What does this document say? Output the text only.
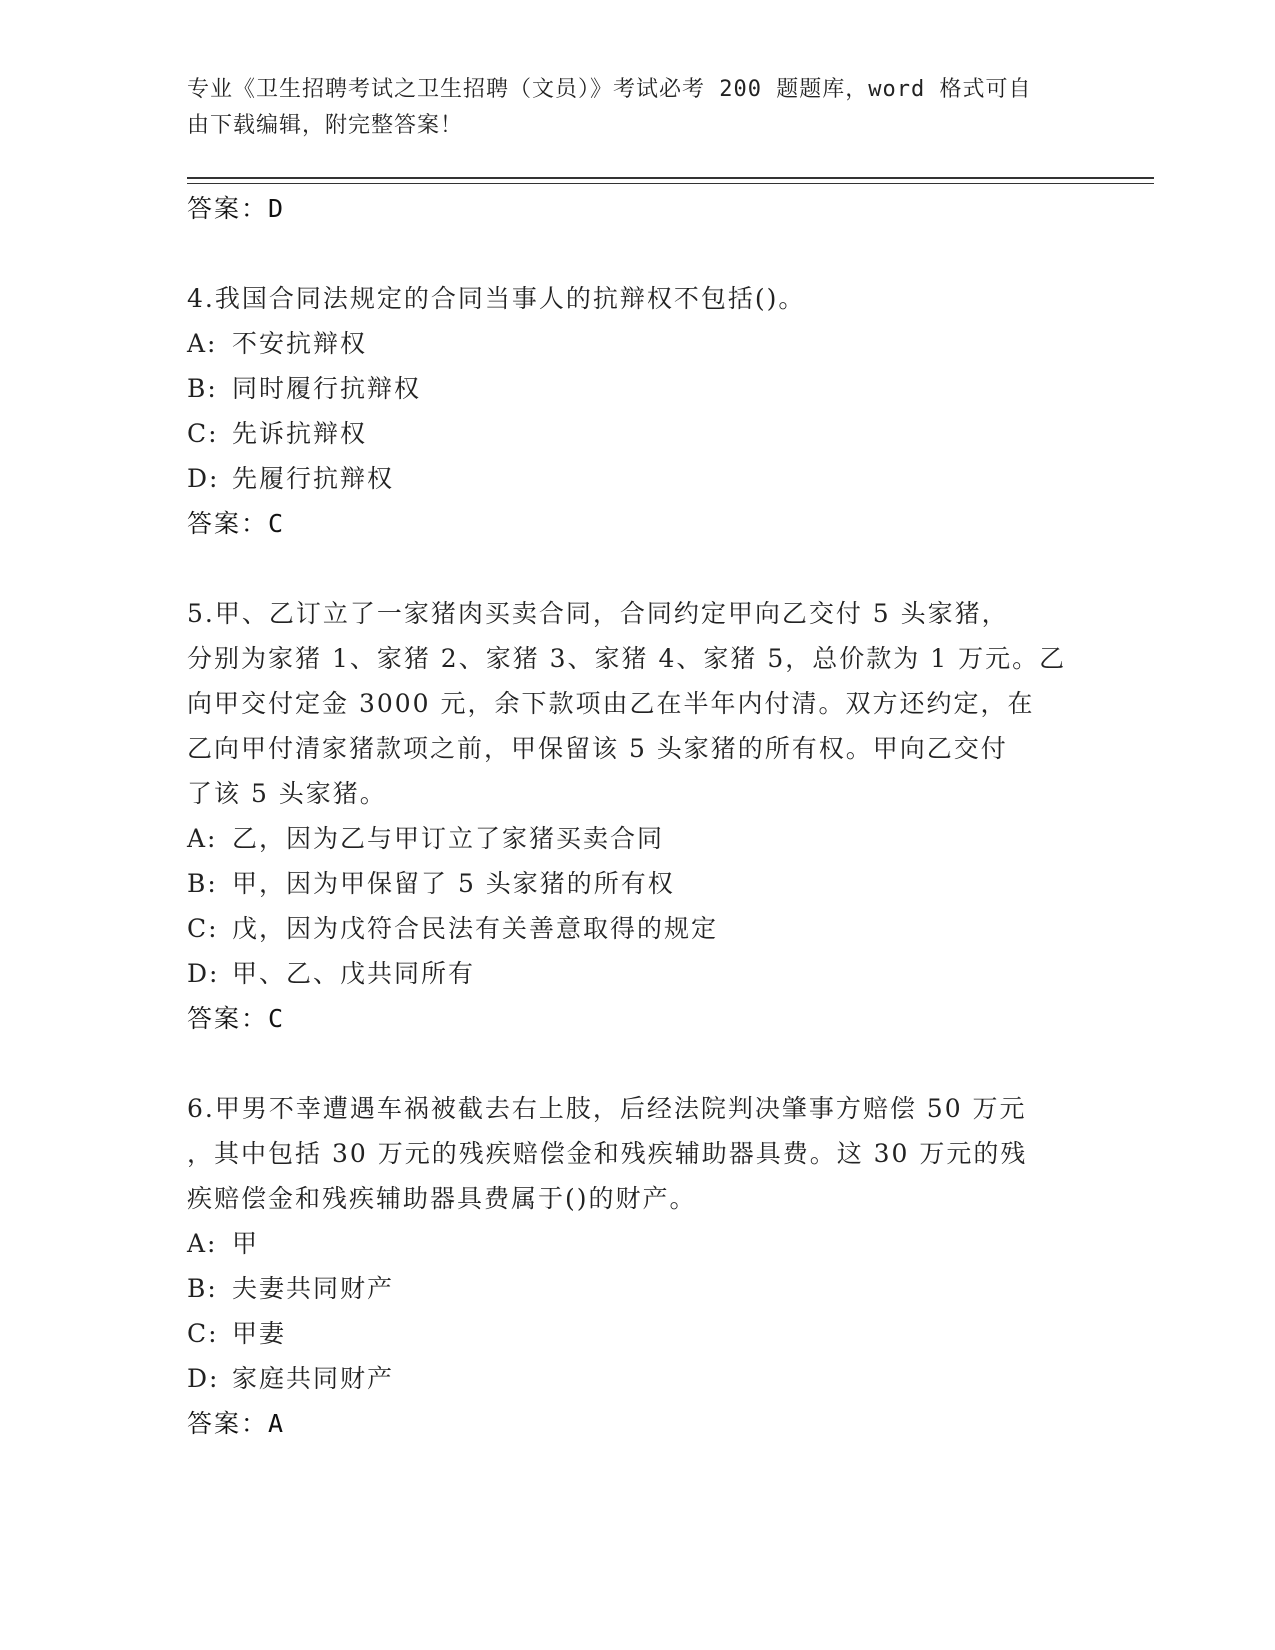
专业《卫生招聘考试之卫生招聘（文员）》考试必考 200 题题库，word 格式可自
由下载编辑，附完整答案！
答案：D
4.我国合同法规定的合同当事人的抗辩权不包括()。
A: 不安抗辩权
B: 同时履行抗辩权
C: 先诉抗辩权
D: 先履行抗辩权
答案：C
5.甲、乙订立了一家猪肉买卖合同，合同约定甲向乙交付 5 头家猪，
分别为家猪 1、家猪 2、家猪 3、家猪 4、家猪 5，总价款为 1 万元。乙
向甲交付定金 3000 元，余下款项由乙在半年内付清。双方还约定，在
乙向甲付清家猪款项之前，甲保留该 5 头家猪的所有权。甲向乙交付
了该 5 头家猪。
A: 乙，因为乙与甲订立了家猪买卖合同
B: 甲，因为甲保留了 5 头家猪的所有权
C: 戊，因为戊符合民法有关善意取得的规定
D: 甲、乙、戊共同所有
答案：C
6.甲男不幸遭遇车祸被截去右上肢，后经法院判决肇事方赔偿 50 万元
，其中包括 30 万元的残疾赔偿金和残疾辅助器具费。这 30 万元的残
疾赔偿金和残疾辅助器具费属于()的财产。
A: 甲
B: 夫妻共同财产
C: 甲妻
D: 家庭共同财产
答案：A
